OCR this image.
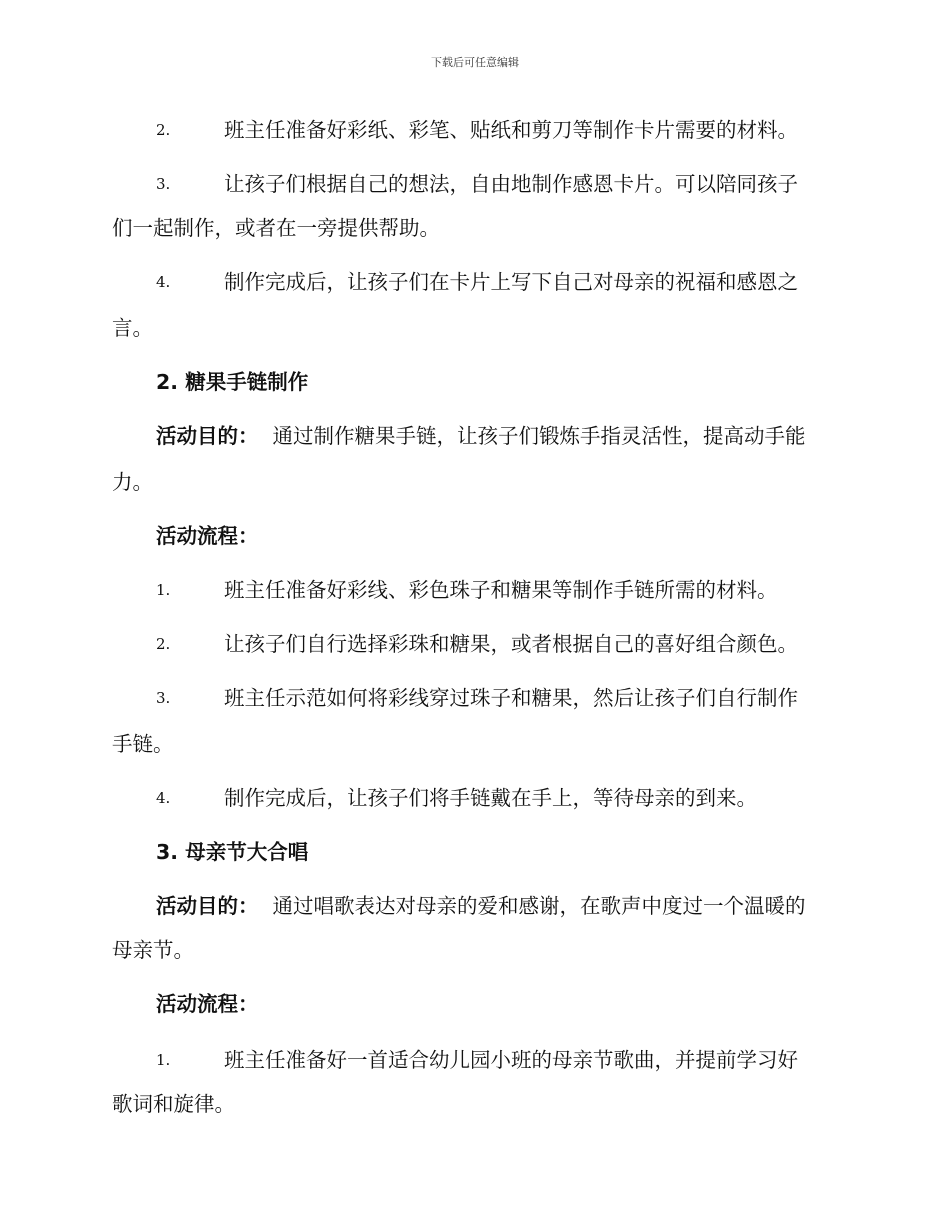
下载后可任意编辑
2.	班主任准备好彩纸、彩笔、贴纸和剪刀等制作卡片需要的材料。
3.	让孩子们根据自己的想法，自由地制作感恩卡片。可以陪同孩子
们一起制作，或者在一旁提供帮助。
4.	制作完成后，让孩子们在卡片上写下自己对母亲的祝福和感恩之
言。
2. 糖果手链制作
活动目的： 通过制作糖果手链，让孩子们锻炼手指灵活性，提高动手能
力。
活动流程：
1.	班主任准备好彩线、彩色珠子和糖果等制作手链所需的材料。
2.	让孩子们自行选择彩珠和糖果，或者根据自己的喜好组合颜色。
3.	班主任示范如何将彩线穿过珠子和糖果，然后让孩子们自行制作
手链。
4.	制作完成后，让孩子们将手链戴在手上，等待母亲的到来。
3. 母亲节大合唱
活动目的： 通过唱歌表达对母亲的爱和感谢，在歌声中度过一个温暖的
母亲节。
活动流程：
1.	班主任准备好一首适合幼儿园小班的母亲节歌曲，并提前学习好
歌词和旋律。
